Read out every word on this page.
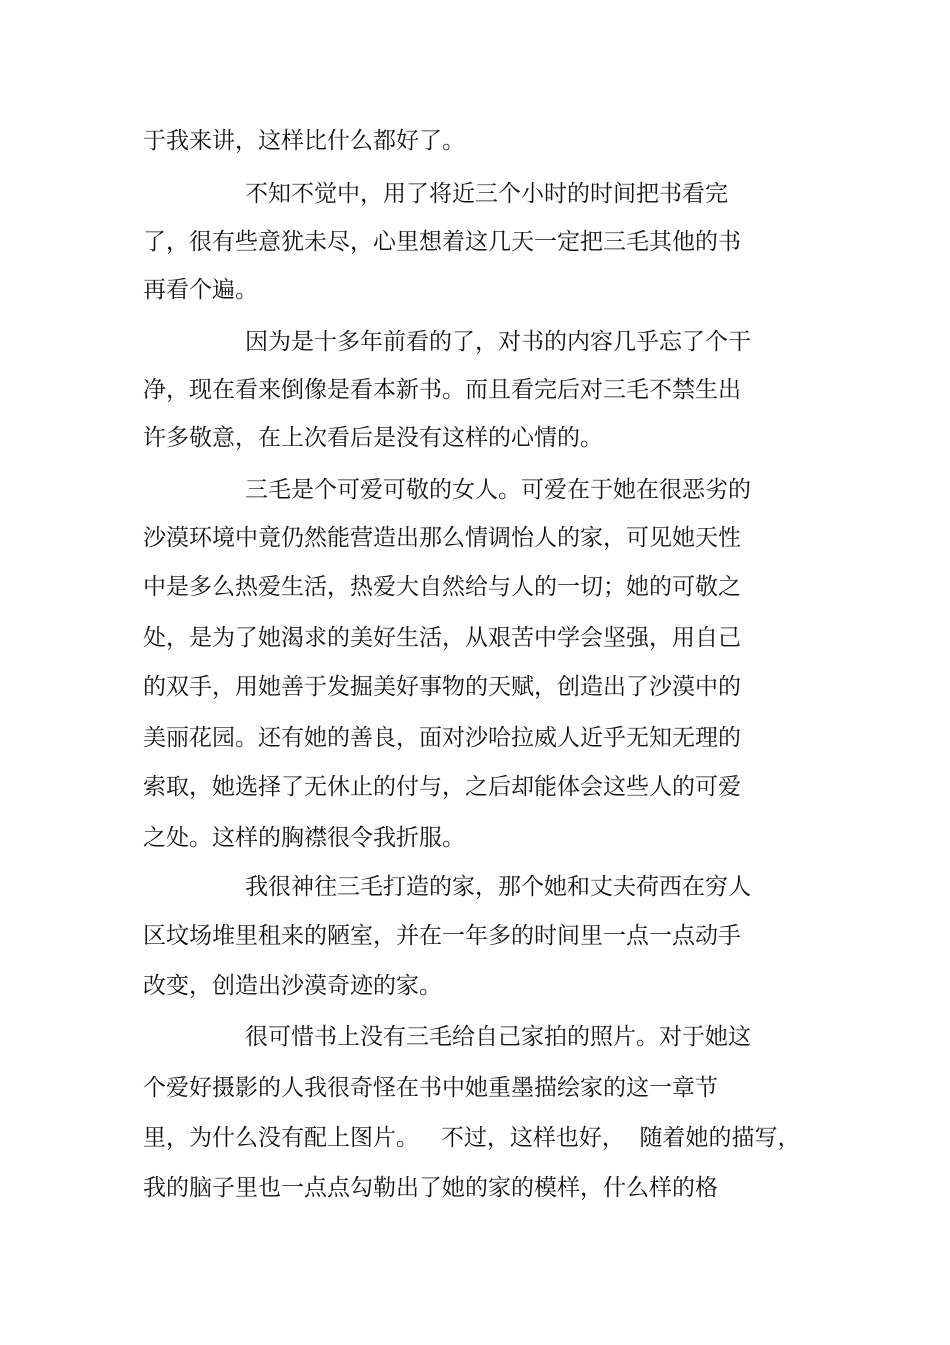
于我来讲，这样比什么都好了。
不知不觉中，用了将近三个小时的时间把书看完
了，很有些意犹未尽，心里想着这几天一定把三毛其他的书
再看个遍。
因为是十多年前看的了，对书的内容几乎忘了个干
净，现在看来倒像是看本新书。而且看完后对三毛不禁生出
许多敬意，在上次看后是没有这样的心情的。
三毛是个可爱可敬的女人。可爱在于她在很恶劣的
沙漠环境中竟仍然能营造出那么情调怡人的家，可见她天性
中是多么热爱生活，热爱大自然给与人的一切；她的可敬之
处，是为了她渴求的美好生活，从艰苦中学会坚强，用自己
的双手，用她善于发掘美好事物的天赋，创造出了沙漠中的
美丽花园。还有她的善良，面对沙哈拉威人近乎无知无理的
索取，她选择了无休止的付与，之后却能体会这些人的可爱
之处。这样的胸襟很令我折服。
我很神往三毛打造的家，那个她和丈夫荷西在穷人
区坟场堆里租来的陋室，并在一年多的时间里一点一点动手
改变，创造出沙漠奇迹的家。
很可惜书上没有三毛给自己家拍的照片。对于她这
个爱好摄影的人我很奇怪在书中她重墨描绘家的这一章节
里，为什么没有配上图片。   不过，这样也好，  随着她的描写，
我的脑子里也一点点勾勒出了她的家的模样，什么样的格
